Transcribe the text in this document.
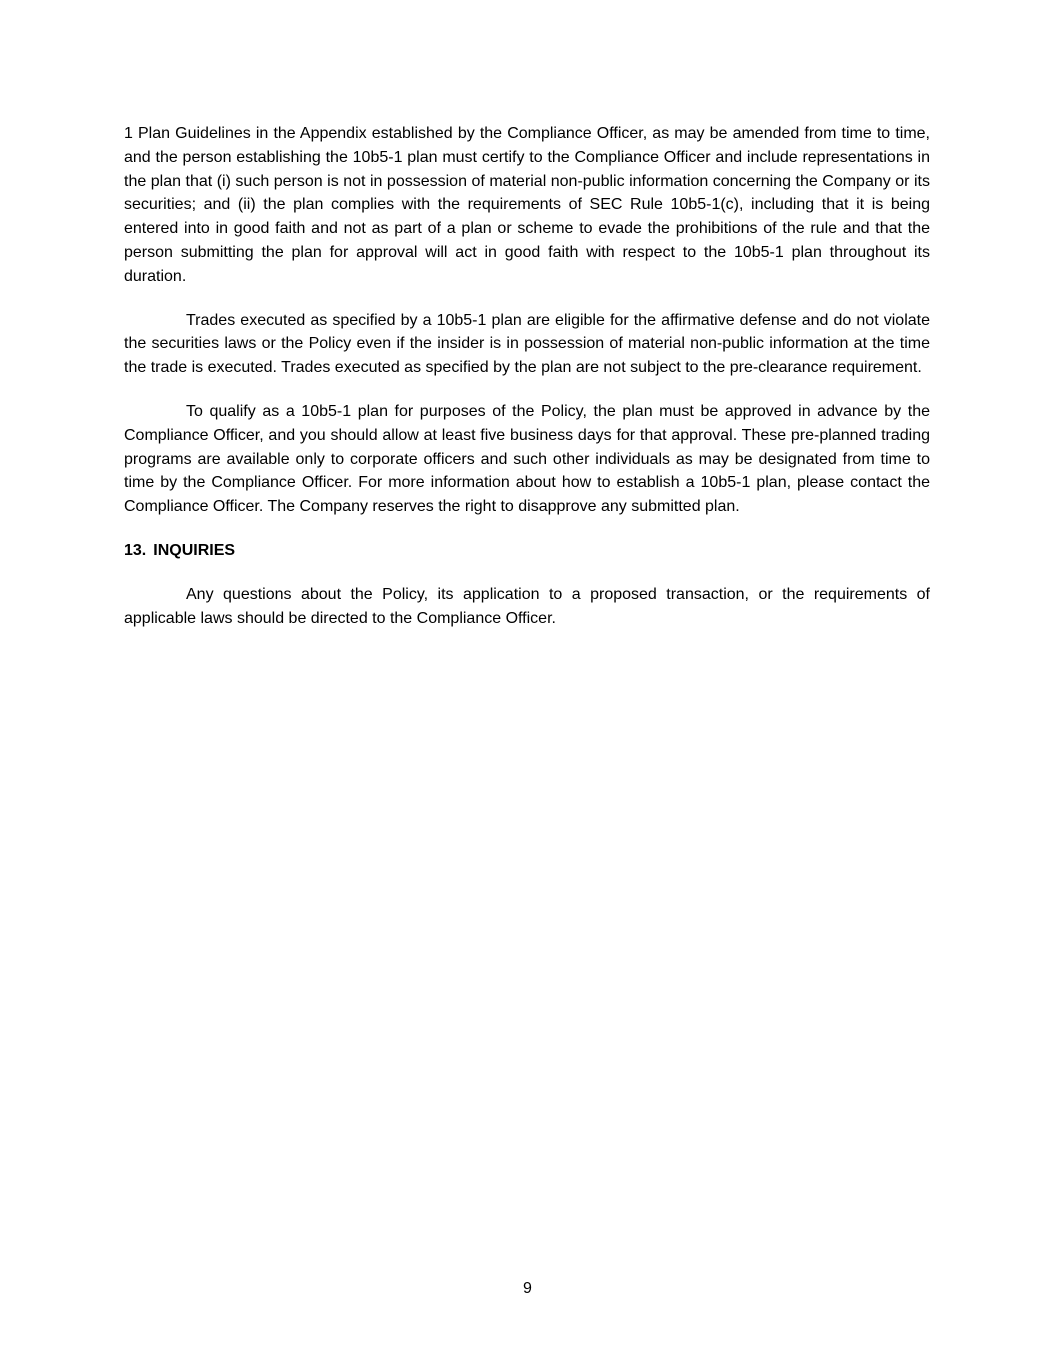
1 Plan Guidelines in the Appendix established by the Compliance Officer, as may be amended from time to time, and the person establishing the 10b5-1 plan must certify to the Compliance Officer and include representations in the plan that (i) such person is not in possession of material non-public information concerning the Company or its securities; and (ii) the plan complies with the requirements of SEC Rule 10b5-1(c), including that it is being entered into in good faith and not as part of a plan or scheme to evade the prohibitions of the rule and that the person submitting the plan for approval will act in good faith with respect to the 10b5-1 plan throughout its duration.

Trades executed as specified by a 10b5-1 plan are eligible for the affirmative defense and do not violate the securities laws or the Policy even if the insider is in possession of material non-public information at the time the trade is executed. Trades executed as specified by the plan are not subject to the pre-clearance requirement.

To qualify as a 10b5-1 plan for purposes of the Policy, the plan must be approved in advance by the Compliance Officer, and you should allow at least five business days for that approval. These pre-planned trading programs are available only to corporate officers and such other individuals as may be designated from time to time by the Compliance Officer. For more information about how to establish a 10b5-1 plan, please contact the Compliance Officer. The Company reserves the right to disapprove any submitted plan.

13. INQUIRIES

Any questions about the Policy, its application to a proposed transaction, or the requirements of applicable laws should be directed to the Compliance Officer.

9
